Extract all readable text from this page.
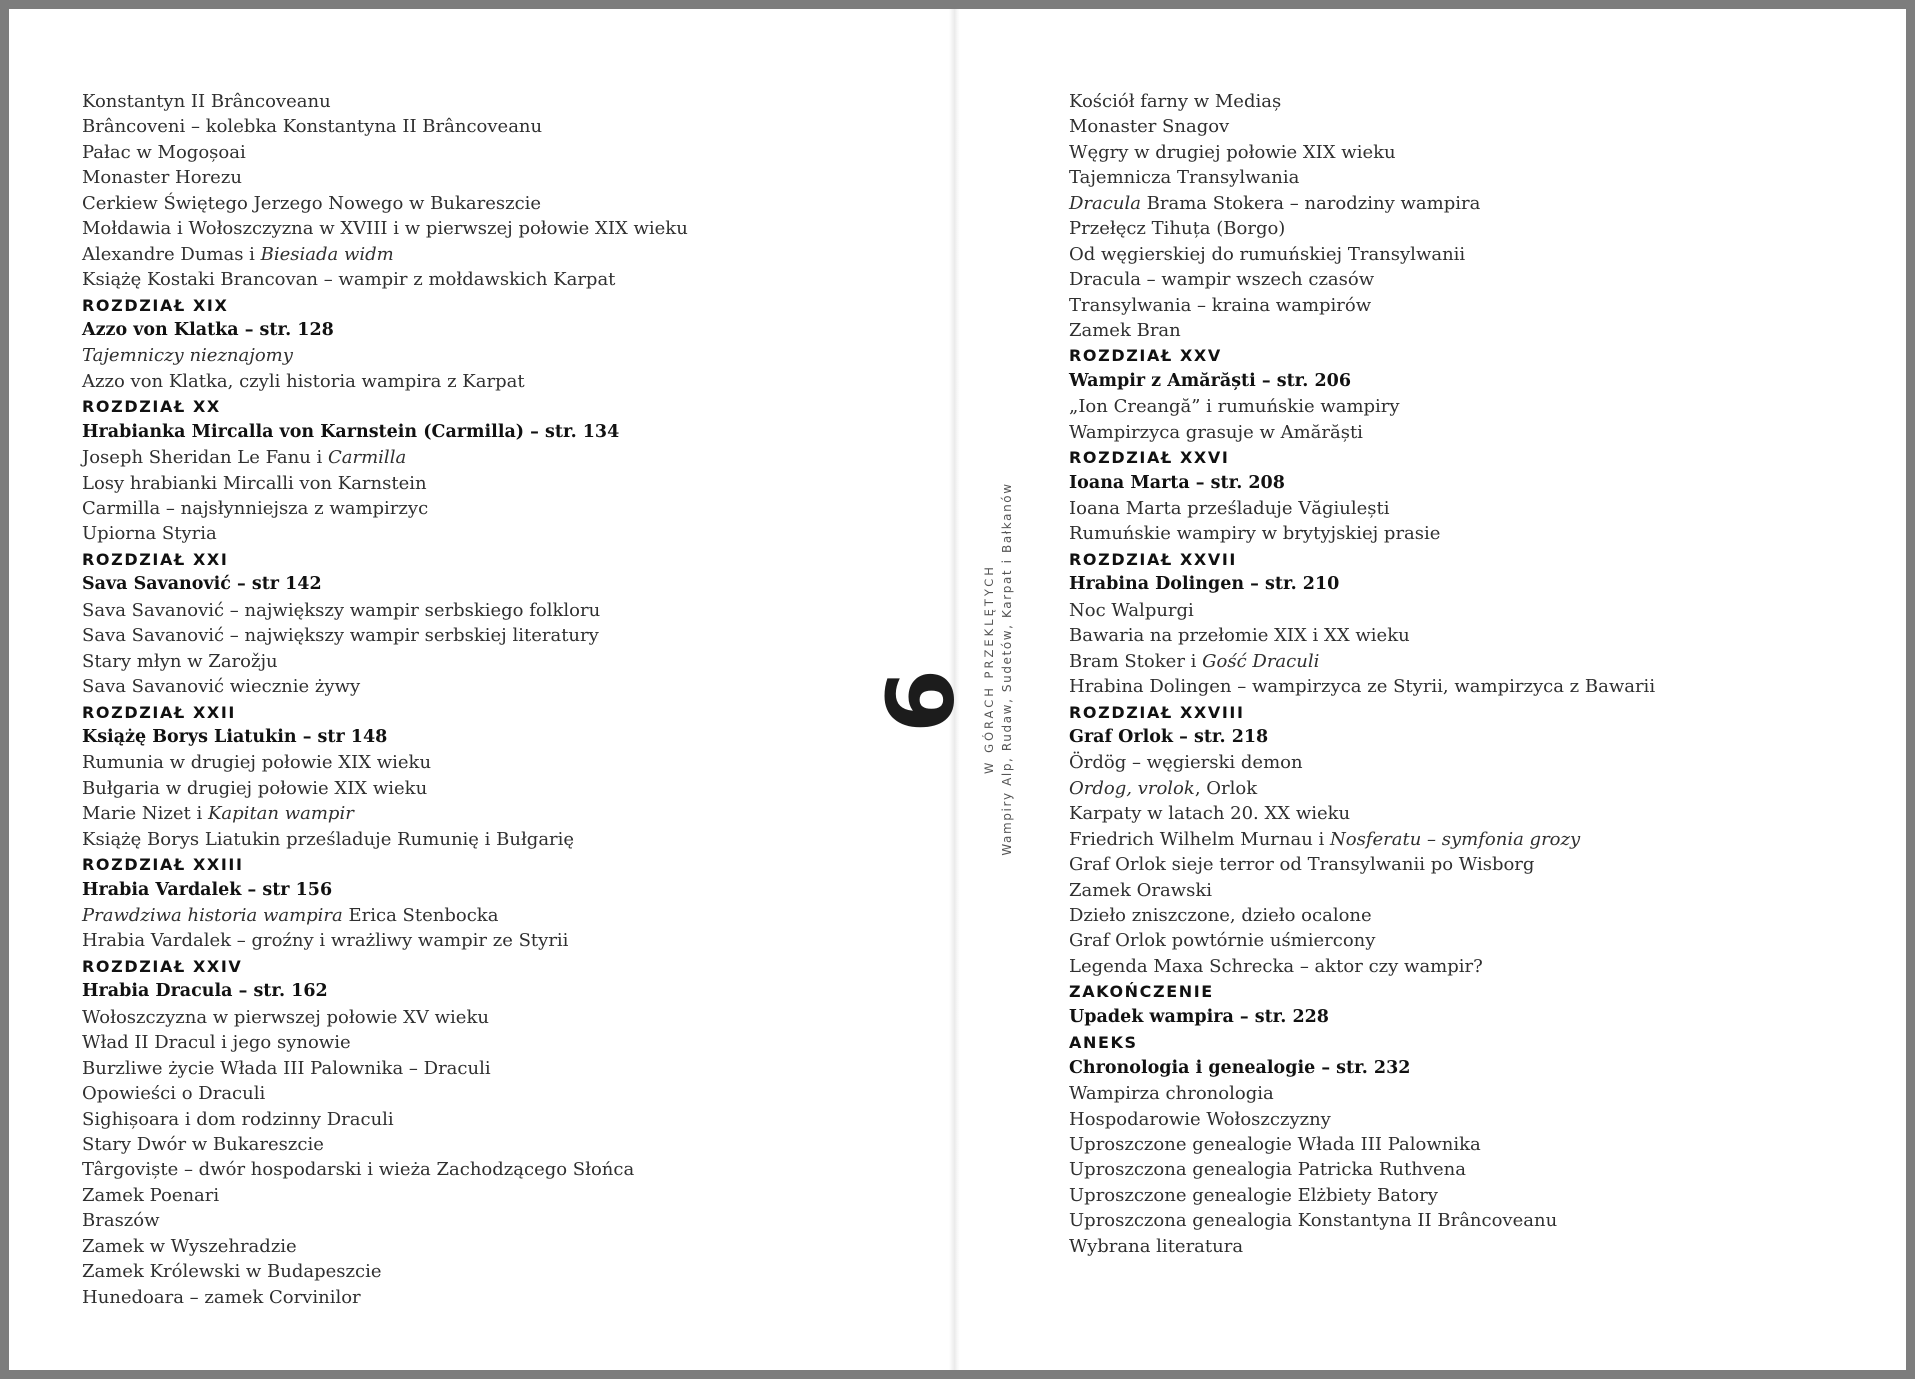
Konstantyn II Brâncoveanu
Brâncoveni – kolebka Konstantyna II Brâncoveanu
Pałac w Mogoșoai
Monaster Horezu
Cerkiew Świętego Jerzego Nowego w Bukareszcie
Mołdawia i Wołoszczyzna w XVIII i w pierwszej połowie XIX wieku
Alexandre Dumas i Biesiada widm
Książę Kostaki Brancovan – wampir z mołdawskich Karpat
ROZDZIAŁ XIX
Azzo von Klatka – str. 128
Tajemniczy nieznajomy
Azzo von Klatka, czyli historia wampira z Karpat
ROZDZIAŁ XX
Hrabianka Mircalla von Karnstein (Carmilla) – str. 134
Joseph Sheridan Le Fanu i Carmilla
Losy hrabianki Mircalli von Karnstein
Carmilla – najsłynniejsza z wampirzyc
Upiorna Styria
ROZDZIAŁ XXI
Sava Savanović – str 142
Sava Savanović – największy wampir serbskiego folkloru
Sava Savanović – największy wampir serbskiej literatury
Stary młyn w Zarožju
Sava Savanović wiecznie żywy
ROZDZIAŁ XXII
Książę Borys Liatukin – str 148
Rumunia w drugiej połowie XIX wieku
Bułgaria w drugiej połowie XIX wieku
Marie Nizet i Kapitan wampir
Książę Borys Liatukin prześladuje Rumunię i Bułgarię
ROZDZIAŁ XXIII
Hrabia Vardalek – str 156
Prawdziwa historia wampira Erica Stenbocka
Hrabia Vardalek – groźny i wrażliwy wampir ze Styrii
ROZDZIAŁ XXIV
Hrabia Dracula – str. 162
Wołoszczyzna w pierwszej połowie XV wieku
Wład II Dracul i jego synowie
Burzliwe życie Władа III Palownika – Draculi
Opowieści o Draculi
Sighișoara i dom rodzinny Draculi
Stary Dwór w Bukareszcie
Târgoviște – dwór hospodarski i wieża Zachodzącego Słońca
Zamek Poenari
Braszów
Zamek w Wyszehradzie
Zamek Królewski w Budapeszcie
Hunedoara – zamek Corvinilor
Kościół farny w Mediaș
Monaster Snagov
Węgry w drugiej połowie XIX wieku
Tajemnicza Transylwania
Dracula Brama Stokera – narodziny wampira
Przełęcz Tihuța (Borgo)
Od węgierskiej do rumuńskiej Transylwanii
Dracula – wampir wszech czasów
Transylwania – kraina wampirów
Zamek Bran
ROZDZIAŁ XXV
Wampir z Amărăști – str. 206
„Ion Creangă” i rumuńskie wampiry
Wampirzyca grasuje w Amărăști
ROZDZIAŁ XXVI
Ioana Marta – str. 208
Ioana Marta prześladuje Văgiulești
Rumuńskie wampiry w brytyjskiej prasie
ROZDZIAŁ XXVII
Hrabina Dolingen – str. 210
Noc Walpurgi
Bawaria na przełomie XIX i XX wieku
Bram Stoker i Gość Draculi
Hrabina Dolingen – wampirzyca ze Styrii, wampirzyca z Bawarii
ROZDZIAŁ XXVIII
Graf Orlok – str. 218
Ördög – węgierski demon
Ordog, vrolok, Orlok
Karpaty w latach 20. XX wieku
Friedrich Wilhelm Murnau i Nosferatu – symfonia grozy
Graf Orlok sieje terror od Transylwanii po Wisborg
Zamek Orawski
Dzieło zniszczone, dzieło ocalone
Graf Orlok powtórnie uśmiercony
Legenda Maxa Schrecka – aktor czy wampir?
ZAKOŃCZENIE
Upadek wampira – str. 228
ANEKS
Chronologia i genealogie – str. 232
Wampirza chronologia
Hospodarowie Wołoszczyzny
Uproszczone genealogie Władа III Palownika
Uproszczona genealogia Patricka Ruthvena
Uproszczone genealogie Elżbiety Batory
Uproszczona genealogia Konstantyna II Brâncoveanu
Wybrana literatura
6 W GÓRACH PRZEKLĘTYCH Wampiry Alp, Rudaw, Sudetów, Karpat i Bałkanów
